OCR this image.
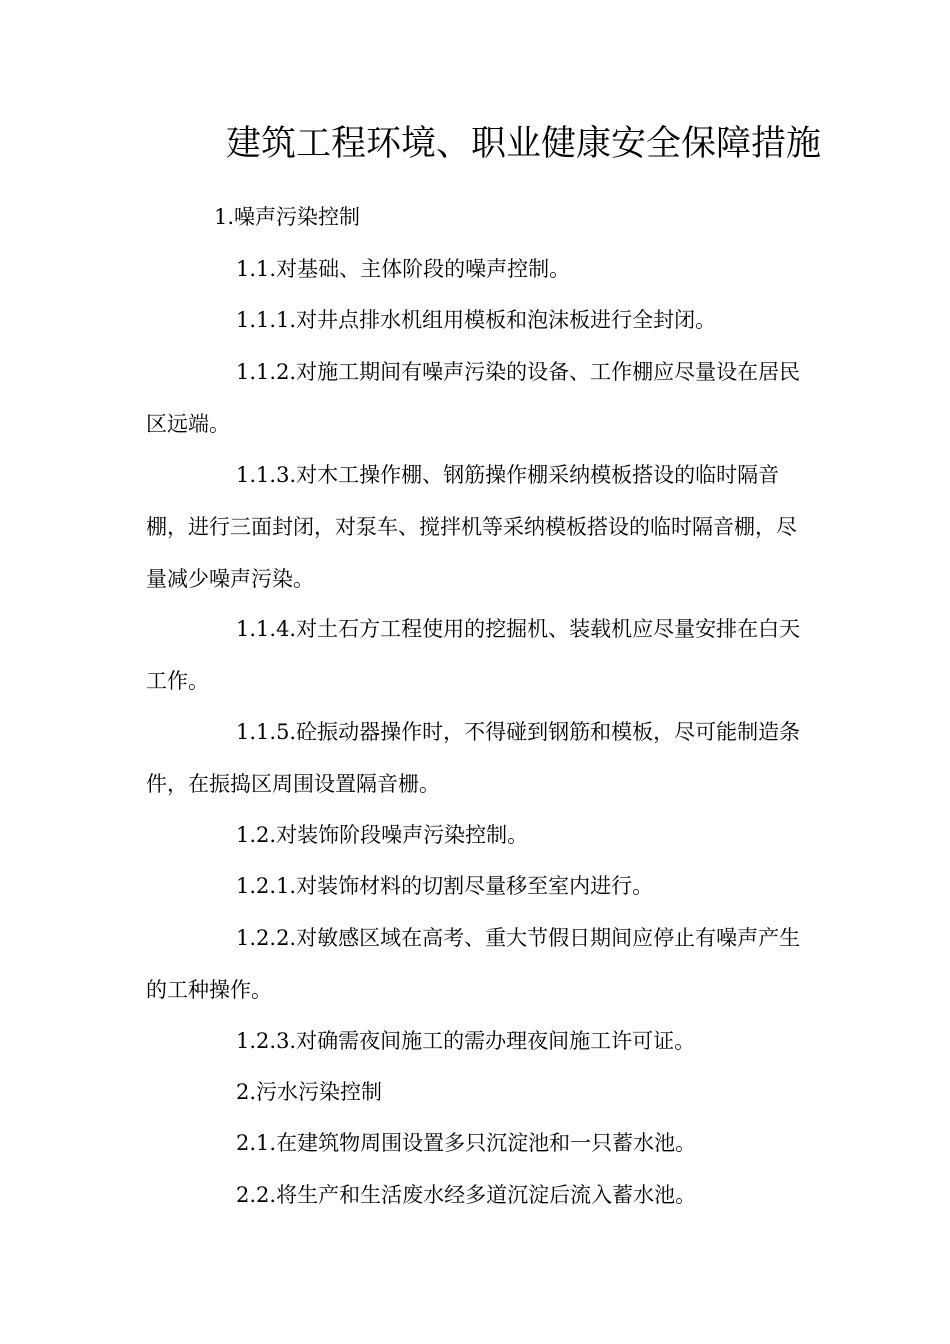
建筑工程环境、职业健康安全保障措施

1.噪声污染控制

1.1.对基础、主体阶段的噪声控制。

1.1.1.对井点排水机组用模板和泡沫板进行全封闭。

1.1.2.对施工期间有噪声污染的设备、工作棚应尽量设在居民区远端。

1.1.3.对木工操作棚、钢筋操作棚采纳模板搭设的临时隔音棚，进行三面封闭，对泵车、搅拌机等采纳模板搭设的临时隔音棚，尽量减少噪声污染。

1.1.4.对土石方工程使用的挖掘机、装载机应尽量安排在白天工作。

1.1.5.砼振动器操作时，不得碰到钢筋和模板，尽可能制造条件，在振捣区周围设置隔音栅。

1.2.对装饰阶段噪声污染控制。

1.2.1.对装饰材料的切割尽量移至室内进行。

1.2.2.对敏感区域在高考、重大节假日期间应停止有噪声产生的工种操作。

1.2.3.对确需夜间施工的需办理夜间施工许可证。

2.污水污染控制

2.1.在建筑物周围设置多只沉淀池和一只蓄水池。

2.2.将生产和生活废水经多道沉淀后流入蓄水池。
